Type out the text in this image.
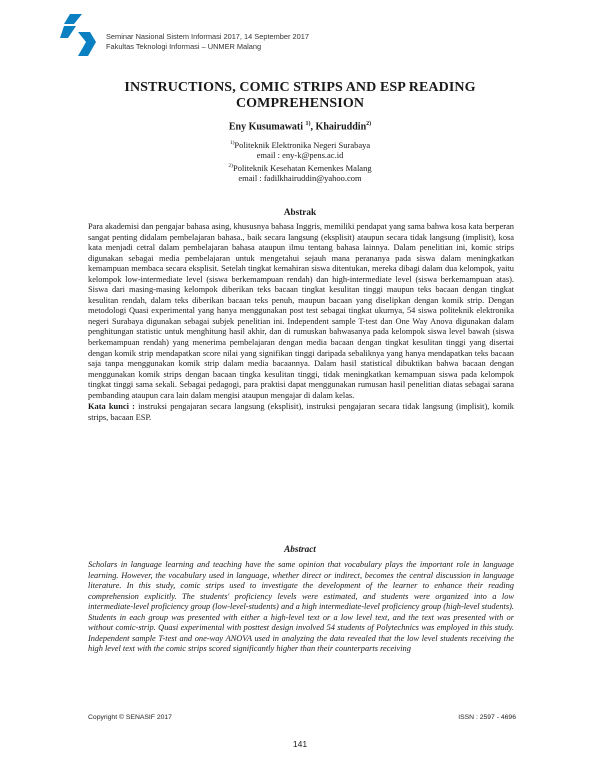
Seminar Nasional Sistem Informasi 2017, 14 September 2017
Fakultas Teknologi Informasi – UNMER Malang
INSTRUCTIONS, COMIC STRIPS AND ESP READING
COMPREHENSION
Eny Kusumawati $^{1)}$, Khairuddin$^{2)}$
$^{1)}$Politeknik Elektronika Negeri Surabaya
email : eny-k@pens.ac.id
$^{2)}$Politeknik Kesehatan Kemenkes Malang
email : fadilkhairuddin@yahoo.com
Abstrak
Para akademisi dan pengajar bahasa asing, khususnya bahasa Inggris, memiliki pendapat yang sama bahwa kosa kata berperan sangat penting didalam pembelajaran bahasa., baik secara langsung (eksplisit) ataupun secara tidak langsung (implisit), kosa kata menjadi cetral dalam pembelajaran bahasa ataupun ilmu tentang bahasa lainnya. Dalam penelitian ini, komic strips digunakan sebagai media pembelajaran untuk mengetahui sejauh mana perananya pada siswa dalam meningkatkan kemampuan membaca secara eksplisit. Setelah tingkat kemahiran siswa ditentukan, mereka dibagi dalam dua kelompok, yaitu kelompok low-intermediate level (siswa berkemampuan rendah) dan high-intermediate level (siswa berkemampuan atas). Siswa dari masing-masing kelompok diberikan teks bacaan tingkat kesulitan tinggi maupun teks bacaan dengan tingkat kesulitan rendah, dalam teks diberikan bacaan teks penuh, maupun bacaan yang diselipkan dengan komik strip. Dengan metodologi Quasi experimental yang hanya menggunakan post test sebagai tingkat ukurnya, 54 siswa politeknik elektronika negeri Surabaya digunakan sebagai subjek penelitian ini. Independent sample T-test dan One Way Anova digunakan dalam penghitungan statistic untuk menghitung hasil akhir, dan di rumuskan bahwasanya pada kelompok siswa level bawah (siswa berkemampuan rendah) yang menerima pembelajaran dengan media bacaan dengan tingkat kesulitan tinggi yang disertai dengan komik strip mendapatkan score nilai yang signifikan tinggi daripada sebaliknya yang hanya mendapatkan teks bacaan saja tanpa menggunakan komik strip dalam media bacaannya. Dalam hasil statistical dibuktikan bahwa bacaan dengan menggunakan komik strips dengan bacaan tingka kesulitan tinggi, tidak meningkatkan kemampuan siswa pada kelompok tingkat tinggi sama sekali. Sebagai pedagogi, para praktisi dapat menggunakan rumusan hasil penelitian diatas sebagai sarana pembanding ataupun cara lain dalam mengisi ataupun mengajar di dalam kelas.
Kata kunci : instruksi pengajaran secara langsung (eksplisit), instruksi pengajaran secara tidak langsung (implisit), komik strips, bacaan ESP.
Abstract
Scholars in language learning and teaching have the same opinion that vocabulary plays the important role in language learning. However, the vocabulary used in language, whether direct or indirect, becomes the central discussion in language literature. In this study, comic strips used to investigate the development of the learner to enhance their reading comprehension explicitly. The students' proficiency levels were estimated, and students were organized into a low intermediate-level proficiency group (low-level-students) and a high intermediate-level proficiency group (high-level students). Students in each group was presented with either a high-level text or a low level text, and the text was presented with or without comic-strip. Quasi experimental with posttest design involved 54 students of Polytechnics was employed in this study. Independent sample T-test and one-way ANOVA used in analyzing the data revealed that the low level students receiving the high level text with the comic strips scored significantly higher than their counterparts receiving
Copyright © SENASIF 2017	ISSN : 2597 - 4696
141
